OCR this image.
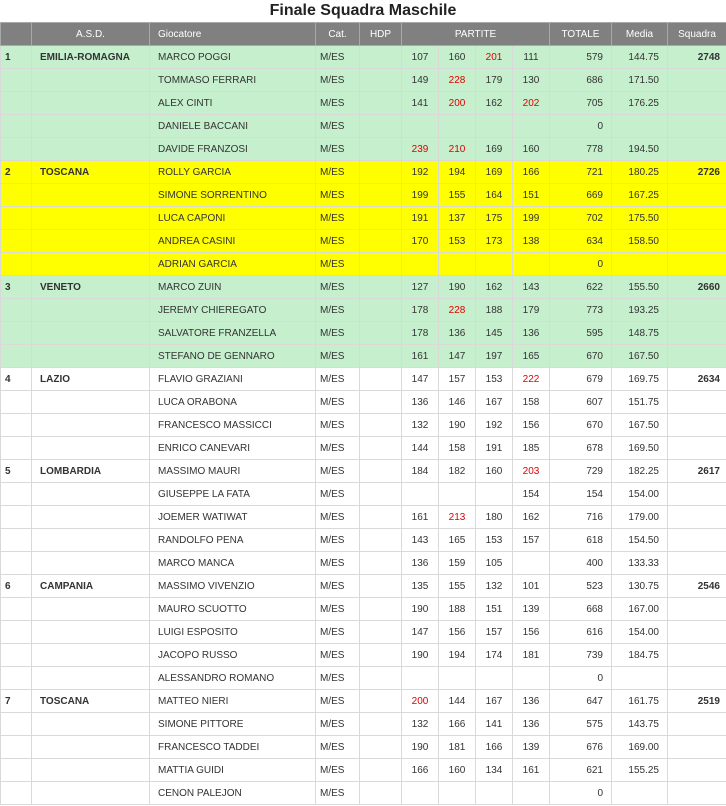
Finale Squadra Maschile
	A.S.D.	Giocatore	Cat.	HDP	PARTITE				TOTALE	Media	Squadra
1	EMILIA-ROMAGNA	MARCO POGGI	M/ES		107	160	201	111	579	144.75	2748
		TOMMASO FERRARI	M/ES		149	228	179	130	686	171.50	
		ALEX CINTI	M/ES		141	200	162	202	705	176.25	
		DANIELE BACCANI	M/ES						0		
		DAVIDE FRANZOSI	M/ES		239	210	169	160	778	194.50	
2	TOSCANA	ROLLY GARCIA	M/ES		192	194	169	166	721	180.25	2726
		SIMONE SORRENTINO	M/ES		199	155	164	151	669	167.25	
		LUCA CAPONI	M/ES		191	137	175	199	702	175.50	
		ANDREA CASINI	M/ES		170	153	173	138	634	158.50	
		ADRIAN GARCIA	M/ES						0		
3	VENETO	MARCO ZUIN	M/ES		127	190	162	143	622	155.50	2660
		JEREMY CHIEREGATO	M/ES		178	228	188	179	773	193.25	
		SALVATORE FRANZELLA	M/ES		178	136	145	136	595	148.75	
		STEFANO DE GENNARO	M/ES		161	147	197	165	670	167.50	
4	LAZIO	FLAVIO GRAZIANI	M/ES		147	157	153	222	679	169.75	2634
		LUCA ORABONA	M/ES		136	146	167	158	607	151.75	
		FRANCESCO MASSICCI	M/ES		132	190	192	156	670	167.50	
		ENRICO CANEVARI	M/ES		144	158	191	185	678	169.50	
5	LOMBARDIA	MASSIMO MAURI	M/ES		184	182	160	203	729	182.25	2617
		GIUSEPPE LA FATA	M/ES					154	154	154.00	
		JOEMER WATIWAT	M/ES		161	213	180	162	716	179.00	
		RANDOLFO PENA	M/ES		143	165	153	157	618	154.50	
		MARCO MANCA	M/ES		136	159	105		400	133.33	
6	CAMPANIA	MASSIMO VIVENZIO	M/ES		135	155	132	101	523	130.75	2546
		MAURO SCUOTTO	M/ES		190	188	151	139	668	167.00	
		LUIGI ESPOSITO	M/ES		147	156	157	156	616	154.00	
		JACOPO RUSSO	M/ES		190	194	174	181	739	184.75	
		ALESSANDRO ROMANO	M/ES						0		
7	TOSCANA	MATTEO NIERI	M/ES		200	144	167	136	647	161.75	2519
		SIMONE PITTORE	M/ES		132	166	141	136	575	143.75	
		FRANCESCO TADDEI	M/ES		190	181	166	139	676	169.00	
		MATTIA GUIDI	M/ES		166	160	134	161	621	155.25	
		CENON PALEJON	M/ES						0		
